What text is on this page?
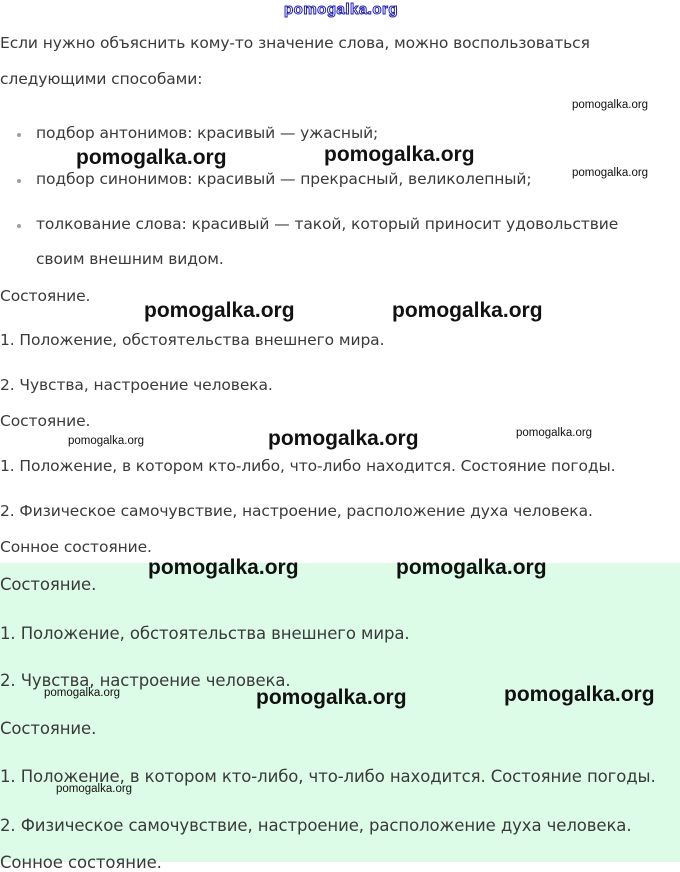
pomogalka.org
Если нужно объяснить кому-то значение слова, можно воспользоваться
следующими способами:
подбор антонимов: красивый — ужасный;
подбор синонимов: красивый — прекрасный, великолепный;
толкование слова: красивый — такой, который приносит удовольствие
своим внешним видом.
Состояние.
1. Положение, обстоятельства внешнего мира.
2. Чувства, настроение человека.
Состояние.
1. Положение, в котором кто-либо, что-либо находится. Состояние погоды.
2. Физическое самочувствие, настроение, расположение духа человека.
Сонное состояние.
Состояние.
1. Положение, обстоятельства внешнего мира.
2. Чувства, настроение человека.
Состояние.
1. Положение, в котором кто-либо, что-либо находится. Состояние погоды.
2. Физическое самочувствие, настроение, расположение духа человека.
Сонное состояние.
pomogalka.org
pomogalka.org	pomogalka.org
pomogalka.org
pomogalka.org	pomogalka.org
pomogalka.org	pomogalka.org	pomogalka.org
pomogalka.org	pomogalka.org
pomogalka.org	pomogalka.org	pomogalka.org
pomogalka.org
